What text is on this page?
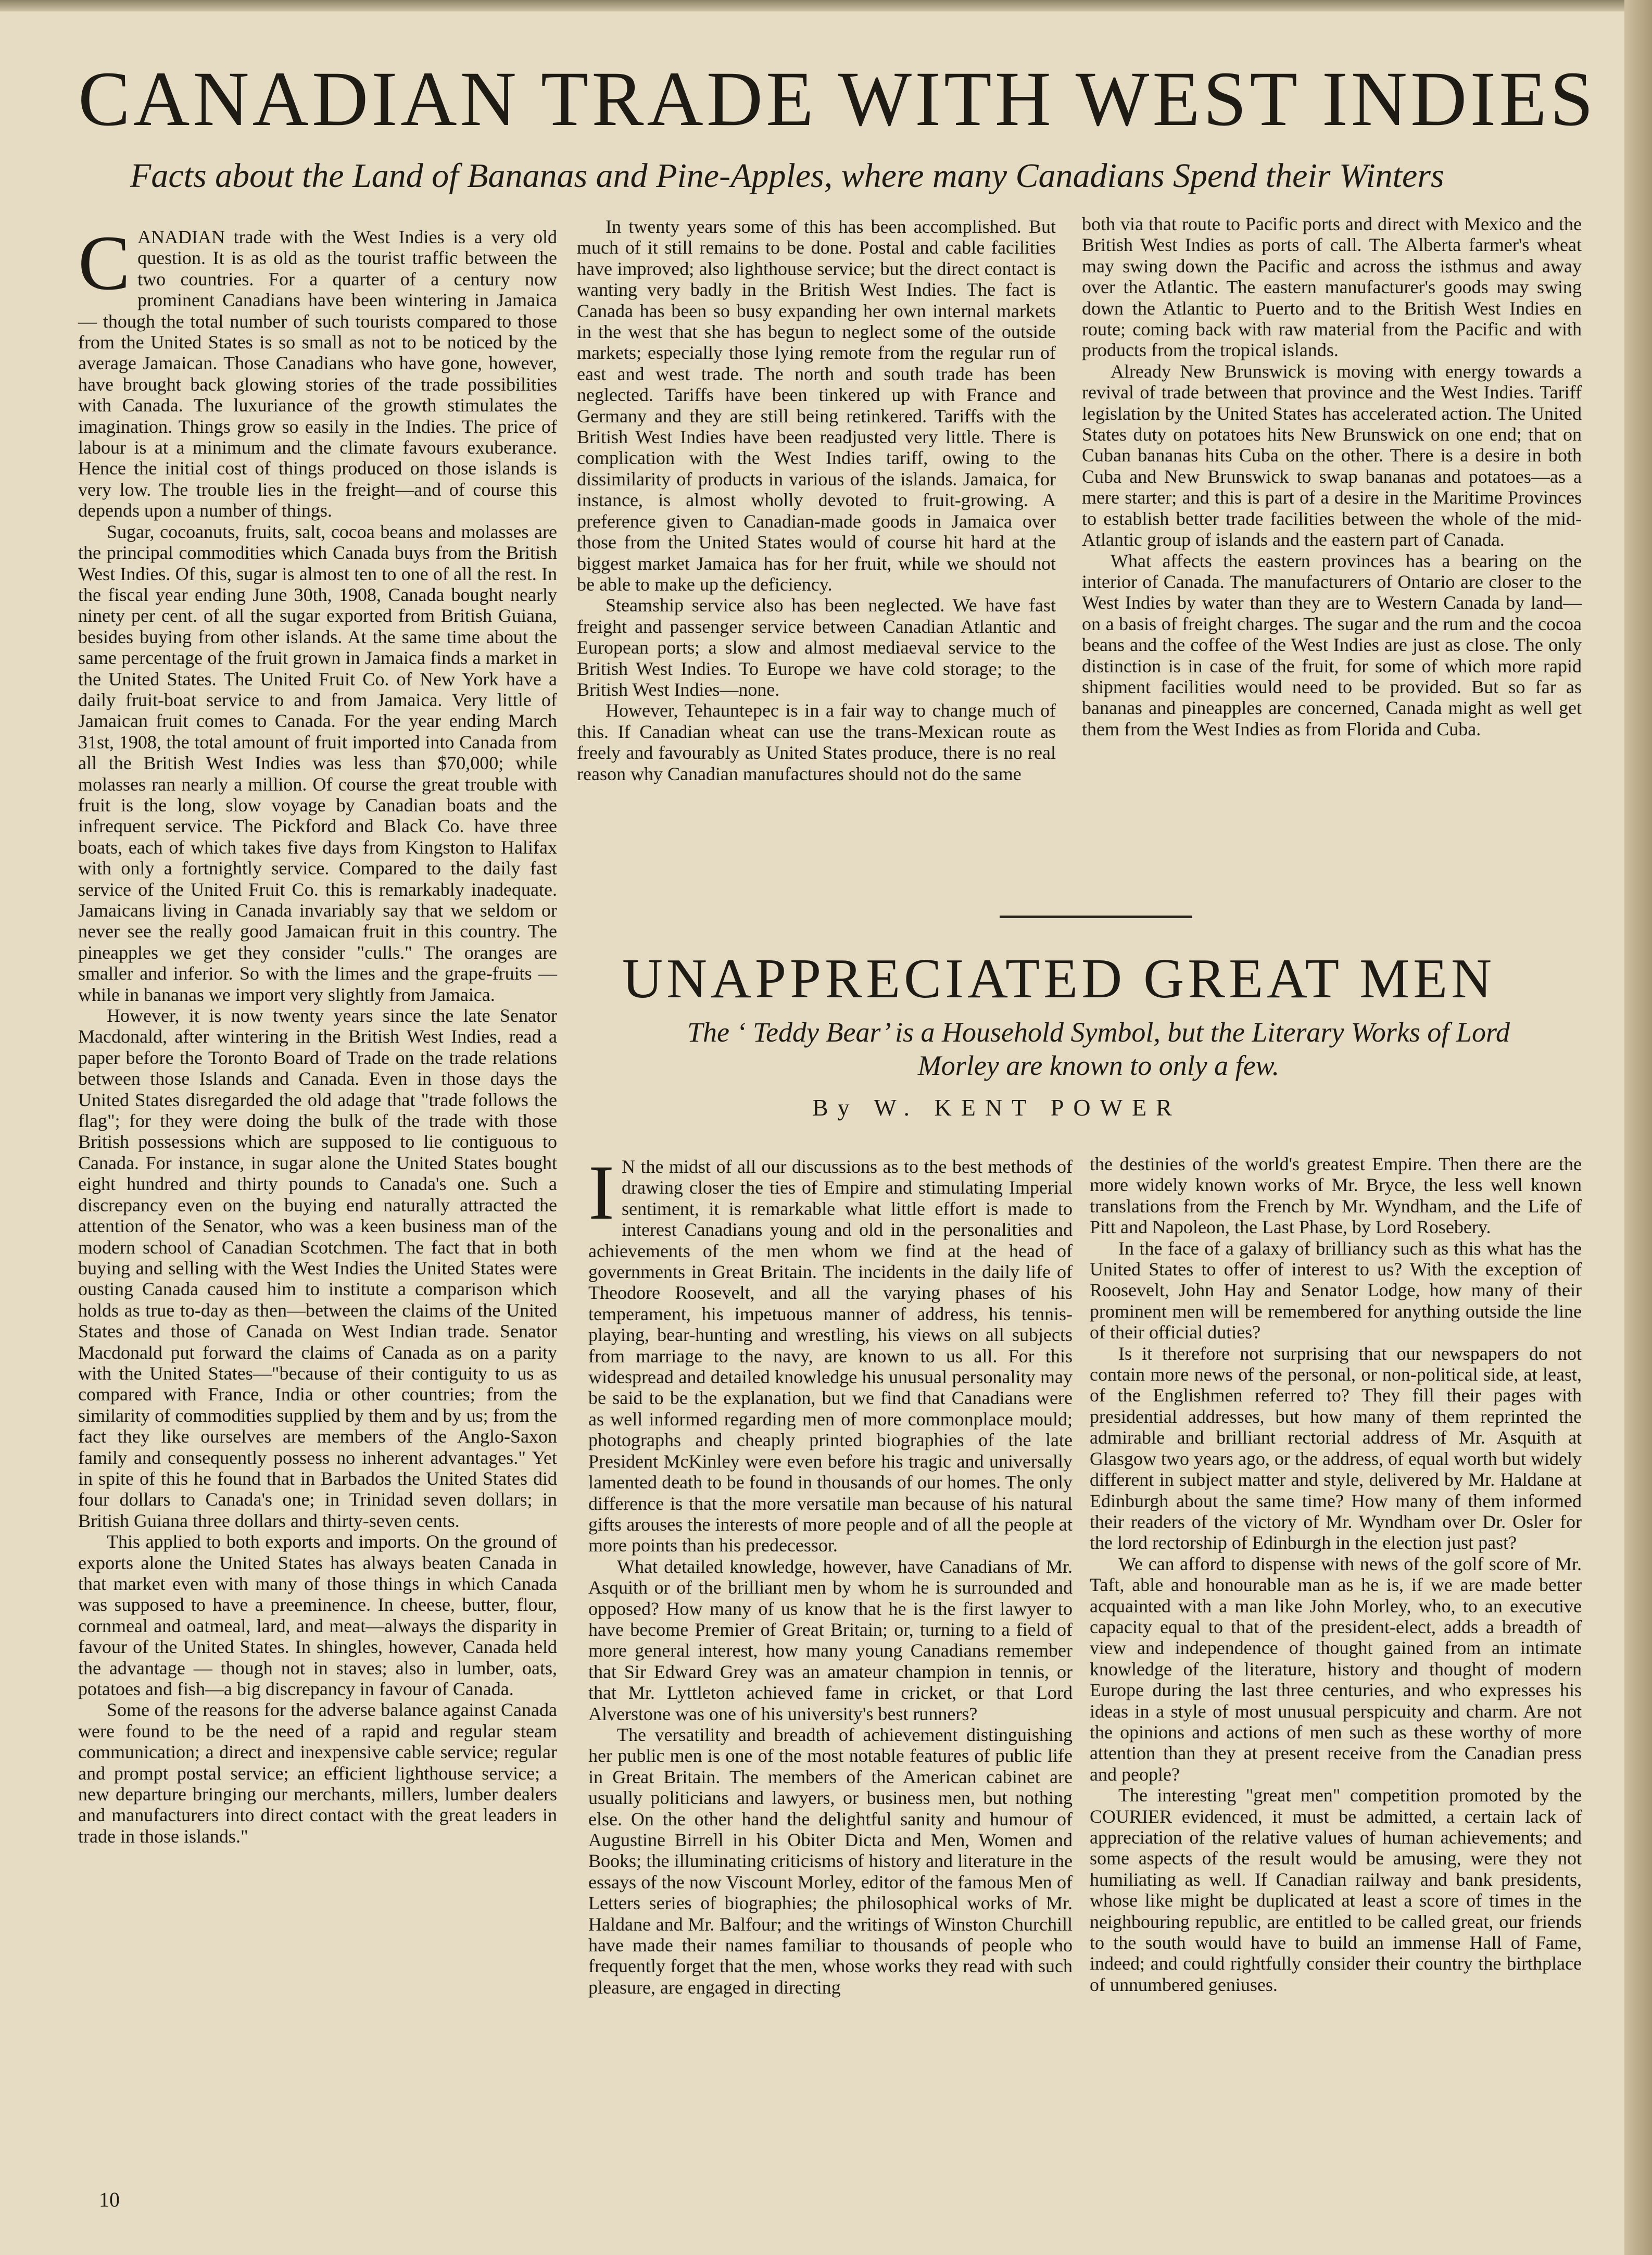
CANADIAN TRADE WITH WEST INDIES
Facts about the Land of Bananas and Pine-Apples, where many Canadians Spend their Winters
C ANADIAN trade with the West Indies is a very old question. It is as old as the tourist traffic between the two countries. For a quarter of a century now prominent Canadians have been wintering in Jamaica — though the total number of such tourists compared to those from the United States is so small as not to be noticed by the average Jamaican. Those Canadians who have gone, however, have brought back glowing stories of the trade possibilities with Canada. The luxuriance of the growth stimulates the imagination. Things grow so easily in the Indies. The price of labour is at a minimum and the climate favours exuberance. Hence the initial cost of things produced on those islands is very low. The trouble lies in the freight—and of course this depends upon a number of things.

Sugar, cocoanuts, fruits, salt, cocoa beans and molasses are the principal commodities which Canada buys from the British West Indies. Of this, sugar is almost ten to one of all the rest. In the fiscal year ending June 30th, 1908, Canada bought nearly ninety per cent. of all the sugar exported from British Guiana, besides buying from other islands. At the same time about the same percentage of the fruit grown in Jamaica finds a market in the United States. The United Fruit Co. of New York have a daily fruit-boat service to and from Jamaica. Very little of Jamaican fruit comes to Canada. For the year ending March 31st, 1908, the total amount of fruit imported into Canada from all the British West Indies was less than $70,000; while molasses ran nearly a million. Of course the great trouble with fruit is the long, slow voyage by Canadian boats and the infrequent service. The Pickford and Black Co. have three boats, each of which takes five days from Kingston to Halifax with only a fortnightly service. Compared to the daily fast service of the United Fruit Co. this is remarkably inadequate. Jamaicans living in Canada invariably say that we seldom or never see the really good Jamaican fruit in this country. The pineapples we get they consider "culls." The oranges are smaller and inferior. So with the limes and the grape-fruits — while in bananas we import very slightly from Jamaica.

However, it is now twenty years since the late Senator Macdonald, after wintering in the British West Indies, read a paper before the Toronto Board of Trade on the trade relations between those Islands and Canada. Even in those days the United States disregarded the old adage that "trade follows the flag"; for they were doing the bulk of the trade with those British possessions which are supposed to lie contiguous to Canada. For instance, in sugar alone the United States bought eight hundred and thirty pounds to Canada's one. Such a discrepancy even on the buying end naturally attracted the attention of the Senator, who was a keen business man of the modern school of Canadian Scotchmen. The fact that in both buying and selling with the West Indies the United States were ousting Canada caused him to institute a comparison which holds as true to-day as then—between the claims of the United States and those of Canada on West Indian trade. Senator Macdonald put forward the claims of Canada as on a parity with the United States—"because of their contiguity to us as compared with France, India or other countries; from the similarity of commodities supplied by them and by us; from the fact they like ourselves are members of the Anglo-Saxon family and consequently possess no inherent advantages." Yet in spite of this he found that in Barbados the United States did four dollars to Canada's one; in Trinidad seven dollars; in British Guiana three dollars and thirty-seven cents.

This applied to both exports and imports. On the ground of exports alone the United States has always beaten Canada in that market even with many of those things in which Canada was supposed to have a preeminence. In cheese, butter, flour, cornmeal and oatmeal, lard, and meat—always the disparity in favour of the United States. In shingles, however, Canada held the advantage — though not in staves; also in lumber, oats, potatoes and fish—a big discrepancy in favour of Canada.

Some of the reasons for the adverse balance against Canada were found to be the need of a rapid and regular steam communication; a direct and inexpensive cable service; regular and prompt postal service; an efficient lighthouse service; a new departure bringing our merchants, millers, lumber dealers and manufacturers into direct contact with the great leaders in trade in those islands."

In twenty years some of this has been accomplished. But much of it still remains to be done. Postal and cable facilities have improved; also lighthouse service; but the direct contact is wanting very badly in the British West Indies. The fact is Canada has been so busy expanding her own internal markets in the west that she has begun to neglect some of the outside markets; especially those lying remote from the regular run of east and west trade. The north and south trade has been neglected. Tariffs have been tinkered up with France and Germany and they are still being retinkered. Tariffs with the British West Indies have been readjusted very little. There is complication with the West Indies tariff, owing to the dissimilarity of products in various of the islands. Jamaica, for instance, is almost wholly devoted to fruit-growing. A preference given to Canadian-made goods in Jamaica over those from the United States would of course hit hard at the biggest market Jamaica has for her fruit, while we should not be able to make up the deficiency.

Steamship service also has been neglected. We have fast freight and passenger service between Canadian Atlantic and European ports; a slow and almost mediaeval service to the British West Indies. To Europe we have cold storage; to the British West Indies—none.

However, Tehauntepec is in a fair way to change much of this. If Canadian wheat can use the trans-Mexican route as freely and favourably as United States produce, there is no real reason why Canadian manufactures should not do the same

both via that route to Pacific ports and direct with Mexico and the British West Indies as ports of call. The Alberta farmer's wheat may swing down the Pacific and across the isthmus and away over the Atlantic. The eastern manufacturer's goods may swing down the Atlantic to Puerto and to the British West Indies en route; coming back with raw material from the Pacific and with products from the tropical islands.

Already New Brunswick is moving with energy towards a revival of trade between that province and the West Indies. Tariff legislation by the United States has accelerated action. The United States duty on potatoes hits New Brunswick on one end; that on Cuban bananas hits Cuba on the other. There is a desire in both Cuba and New Brunswick to swap bananas and potatoes—as a mere starter; and this is part of a desire in the Maritime Provinces to establish better trade facilities between the whole of the mid-Atlantic group of islands and the eastern part of Canada.

What affects the eastern provinces has a bearing on the interior of Canada. The manufacturers of Ontario are closer to the West Indies by water than they are to Western Canada by land—on a basis of freight charges. The sugar and the rum and the cocoa beans and the coffee of the West Indies are just as close. The only distinction is in case of the fruit, for some of which more rapid shipment facilities would need to be provided. But so far as bananas and pineapples are concerned, Canada might as well get them from the West Indies as from Florida and Cuba.

UNAPPRECIATED GREAT MEN
The ‘ Teddy Bear’ is a Household Symbol, but the Literary Works of Lord Morley are known to only a few.
By W. KENT POWER
I N the midst of all our discussions as to the best methods of drawing closer the ties of Empire and stimulating Imperial sentiment, it is remarkable what little effort is made to interest Canadians young and old in the personalities and achievements of the men whom we find at the head of governments in Great Britain. The incidents in the daily life of Theodore Roosevelt, and all the varying phases of his temperament, his impetuous manner of address, his tennis-playing, bear-hunting and wrestling, his views on all subjects from marriage to the navy, are known to us all. For this widespread and detailed knowledge his unusual personality may be said to be the explanation, but we find that Canadians were as well informed regarding men of more commonplace mould; photographs and cheaply printed biographies of the late President McKinley were even before his tragic and universally lamented death to be found in thousands of our homes. The only difference is that the more versatile man because of his natural gifts arouses the interests of more people and of all the people at more points than his predecessor.

What detailed knowledge, however, have Canadians of Mr. Asquith or of the brilliant men by whom he is surrounded and opposed? How many of us know that he is the first lawyer to have become Premier of Great Britain; or, turning to a field of more general interest, how many young Canadians remember that Sir Edward Grey was an amateur champion in tennis, or that Mr. Lyttleton achieved fame in cricket, or that Lord Alverstone was one of his university's best runners?

The versatility and breadth of achievement distinguishing her public men is one of the most notable features of public life in Great Britain. The members of the American cabinet are usually politicians and lawyers, or business men, but nothing else. On the other hand the delightful sanity and humour of Augustine Birrell in his Obiter Dicta and Men, Women and Books; the illuminating criticisms of history and literature in the essays of the now Viscount Morley, editor of the famous Men of Letters series of biographies; the philosophical works of Mr. Haldane and Mr. Balfour; and the writings of Winston Churchill have made their names familiar to thousands of people who frequently forget that the men, whose works they read with such pleasure, are engaged in directing

the destinies of the world's greatest Empire. Then there are the more widely known works of Mr. Bryce, the less well known translations from the French by Mr. Wyndham, and the Life of Pitt and Napoleon, the Last Phase, by Lord Rosebery.

In the face of a galaxy of brilliancy such as this what has the United States to offer of interest to us? With the exception of Roosevelt, John Hay and Senator Lodge, how many of their prominent men will be remembered for anything outside the line of their official duties?

Is it therefore not surprising that our newspapers do not contain more news of the personal, or non-political side, at least, of the Englishmen referred to? They fill their pages with presidential addresses, but how many of them reprinted the admirable and brilliant rectorial address of Mr. Asquith at Glasgow two years ago, or the address, of equal worth but widely different in subject matter and style, delivered by Mr. Haldane at Edinburgh about the same time? How many of them informed their readers of the victory of Mr. Wyndham over Dr. Osler for the lord rectorship of Edinburgh in the election just past?

We can afford to dispense with news of the golf score of Mr. Taft, able and honourable man as he is, if we are made better acquainted with a man like John Morley, who, to an executive capacity equal to that of the president-elect, adds a breadth of view and independence of thought gained from an intimate knowledge of the literature, history and thought of modern Europe during the last three centuries, and who expresses his ideas in a style of most unusual perspicuity and charm. Are not the opinions and actions of men such as these worthy of more attention than they at present receive from the Canadian press and people?

The interesting "great men" competition promoted by the COURIER evidenced, it must be admitted, a certain lack of appreciation of the relative values of human achievements; and some aspects of the result would be amusing, were they not humiliating as well. If Canadian railway and bank presidents, whose like might be duplicated at least a score of times in the neighbouring republic, are entitled to be called great, our friends to the south would have to build an immense Hall of Fame, indeed; and could rightfully consider their country the birthplace of unnumbered geniuses.

10
